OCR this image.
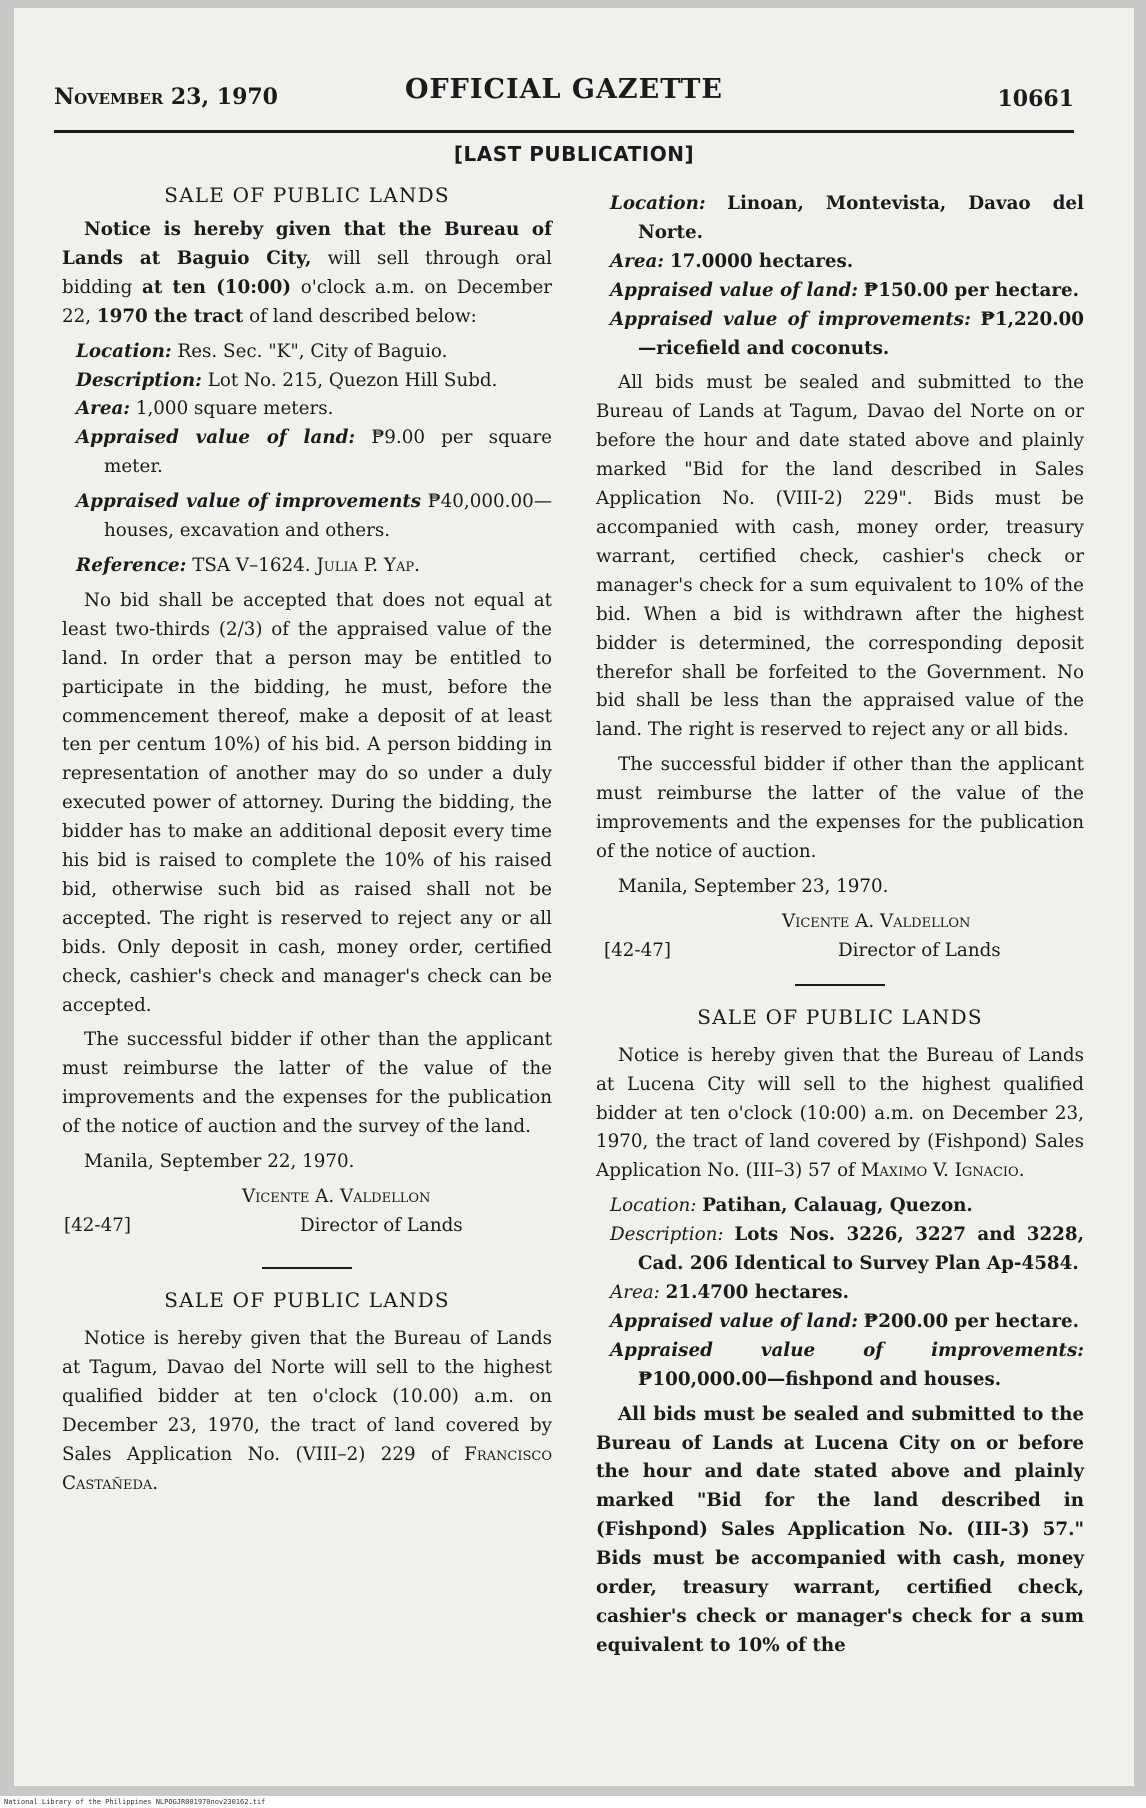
November 23, 1970	OFFICIAL GAZETTE	10661
[LAST PUBLICATION]
SALE OF PUBLIC LANDS

Notice is hereby given that the Bureau of Lands at Baguio City, will sell through oral bidding at ten (10:00) o'clock a.m. on December 22, 1970 the tract of land described below:

Location: Res. Sec. "K", City of Baguio.

Description: Lot No. 215, Quezon Hill Subd.

Area: 1,000 square meters.

Appraised value of land: ₱9.00 per square meter.

Appraised value of improvements ₱40,000.00—houses, excavation and others.

Reference: TSA V–1624. Julia P. Yap.

No bid shall be accepted that does not equal at least two-thirds (2/3) of the appraised value of the land. In order that a person may be entitled to participate in the bidding, he must, before the commencement thereof, make a deposit of at least ten per centum 10%) of his bid. A person bidding in representation of another may do so under a duly executed power of attorney. During the bidding, the bidder has to make an additional deposit every time his bid is raised to complete the 10% of his raised bid, otherwise such bid as raised shall not be accepted. The right is reserved to reject any or all bids. Only deposit in cash, money order, certified check, cashier's check and manager's check can be accepted.

The successful bidder if other than the applicant must reimburse the latter of the value of the improvements and the expenses for the publication of the notice of auction and the survey of the land.

Manila, September 22, 1970.

Vicente A. Valdellon
Director of Lands
[42-47]
SALE OF PUBLIC LANDS

Notice is hereby given that the Bureau of Lands at Tagum, Davao del Norte will sell to the highest qualified bidder at ten o'clock (10.00) a.m. on December 23, 1970, the tract of land covered by Sales Application No. (VIII–2) 229 of Francisco Castañeda.

Location: Linoan, Montevista, Davao del Norte.

Area: 17.0000 hectares.

Appraised value of land: ₱150.00 per hectare.

Appraised value of improvements: ₱1,220.00—ricefield and coconuts.

All bids must be sealed and submitted to the Bureau of Lands at Tagum, Davao del Norte on or before the hour and date stated above and plainly marked "Bid for the land described in Sales Application No. (VIII-2) 229". Bids must be accompanied with cash, money order, treasury warrant, certified check, cashier's check or manager's check for a sum equivalent to 10% of the bid. When a bid is withdrawn after the highest bidder is determined, the corresponding deposit therefor shall be forfeited to the Government. No bid shall be less than the appraised value of the land. The right is reserved to reject any or all bids.

The successful bidder if other than the applicant must reimburse the latter of the value of the improvements and the expenses for the publication of the notice of auction.

Manila, September 23, 1970.

Vicente A. Valdellon
Director of Lands
[42-47]
SALE OF PUBLIC LANDS

Notice is hereby given that the Bureau of Lands at Lucena City will sell to the highest qualified bidder at ten o'clock (10:00) a.m. on December 23, 1970, the tract of land covered by (Fishpond) Sales Application No. (III–3) 57 of Maximo V. Ignacio.

Location: Patihan, Calauag, Quezon.

Description: Lots Nos. 3226, 3227 and 3228, Cad. 206 Identical to Survey Plan Ap-4584.

Area: 21.4700 hectares.

Appraised value of land: ₱200.00 per hectare.

Appraised value of improvements: ₱100,000.00—fishpond and houses.

All bids must be sealed and submitted to the Bureau of Lands at Lucena City on or before the hour and date stated above and plainly marked "Bid for the land described in (Fishpond) Sales Application No. (III-3) 57." Bids must be accompanied with cash, money order, treasury warrant, certified check, cashier's check or manager's check for a sum equivalent to 10% of the

National Library of the Philippines NLPOGJR001970nov230162.tif
